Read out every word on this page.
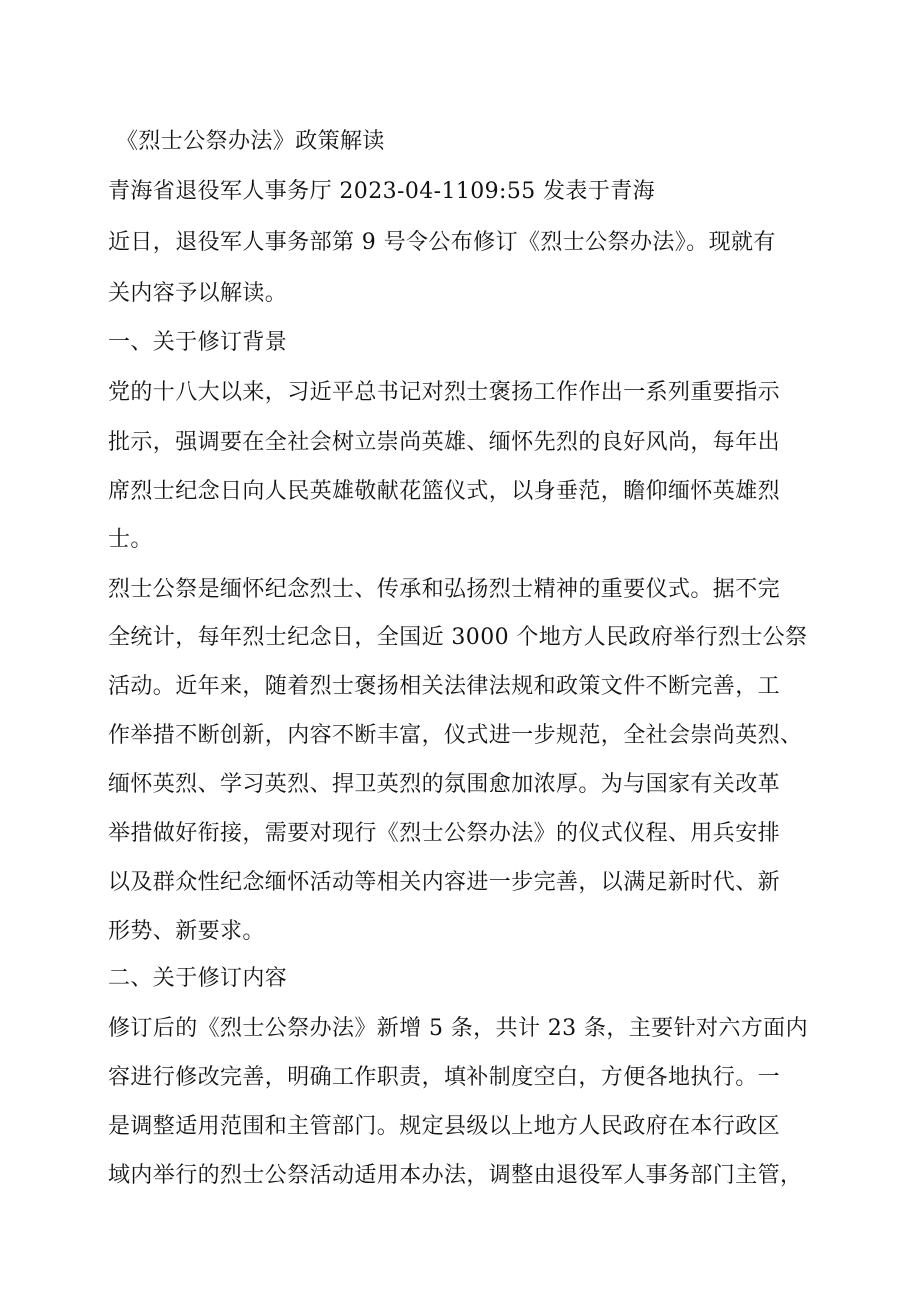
《烈士公祭办法》政策解读
青海省退役军人事务厅 2023-04-1109:55 发表于青海
近日，退役军人事务部第 9 号令公布修订《烈士公祭办法》。现就有
关内容予以解读。
一、关于修订背景
党的十八大以来，习近平总书记对烈士褒扬工作作出一系列重要指示
批示，强调要在全社会树立崇尚英雄、缅怀先烈的良好风尚，每年出
席烈士纪念日向人民英雄敬献花篮仪式，以身垂范，瞻仰缅怀英雄烈
士。
烈士公祭是缅怀纪念烈士、传承和弘扬烈士精神的重要仪式。据不完
全统计，每年烈士纪念日，全国近 3000 个地方人民政府举行烈士公祭
活动。近年来，随着烈士褒扬相关法律法规和政策文件不断完善，工
作举措不断创新，内容不断丰富，仪式进一步规范，全社会崇尚英烈、
缅怀英烈、学习英烈、捍卫英烈的氛围愈加浓厚。为与国家有关改革
举措做好衔接，需要对现行《烈士公祭办法》的仪式仪程、用兵安排
以及群众性纪念缅怀活动等相关内容进一步完善，以满足新时代、新
形势、新要求。
二、关于修订内容
修订后的《烈士公祭办法》新增 5 条，共计 23 条，主要针对六方面内
容进行修改完善，明确工作职责，填补制度空白，方便各地执行。一
是调整适用范围和主管部门。规定县级以上地方人民政府在本行政区
域内举行的烈士公祭活动适用本办法，调整由退役军人事务部门主管，
